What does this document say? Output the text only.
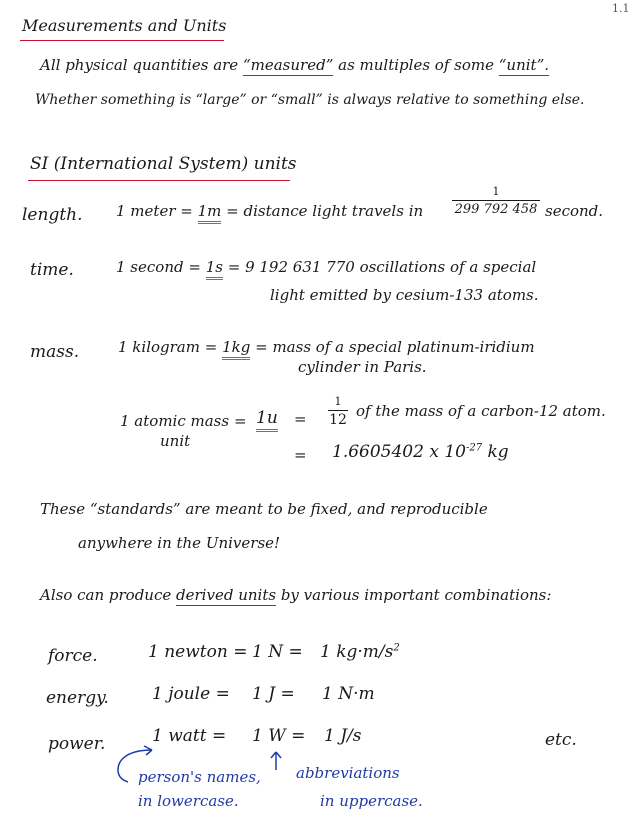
1.1
Measurements and Units
All physical quantities are “measured” as multiples of some “unit”.
Whether something is “large” or “small” is always relative to something else.
SI (International System) units
length. 1 meter = 1m = distance light travels in	$\frac{1}{299 792 458}$ second.
time.	1 second = 1s = 9 192 631 770 oscillations of a special
light emitted by cesium-133 atoms.
mass.	1 kilogram = 1kg = mass of a special platinum-iridium
cylinder in Paris.
1 atomic mass
unit
= $1u = \frac{1}{12}$ of the mass of a carbon-12 atom.
= 1.6605402 x $10^{-27}$ kg
These “standards” are meant to be fixed, and reproducible
anywhere in the Universe!
Also can produce derived units by various important combinations:
force.	1 newton = 1 N = 1 $kg\cdot m/s^2$
energy.	1 joule = 1 J = 1 N·m
power.	1 watt = 1 W = 1 J/s	etc.
person's names,
in lowercase.
abbreviations
in uppercase.
